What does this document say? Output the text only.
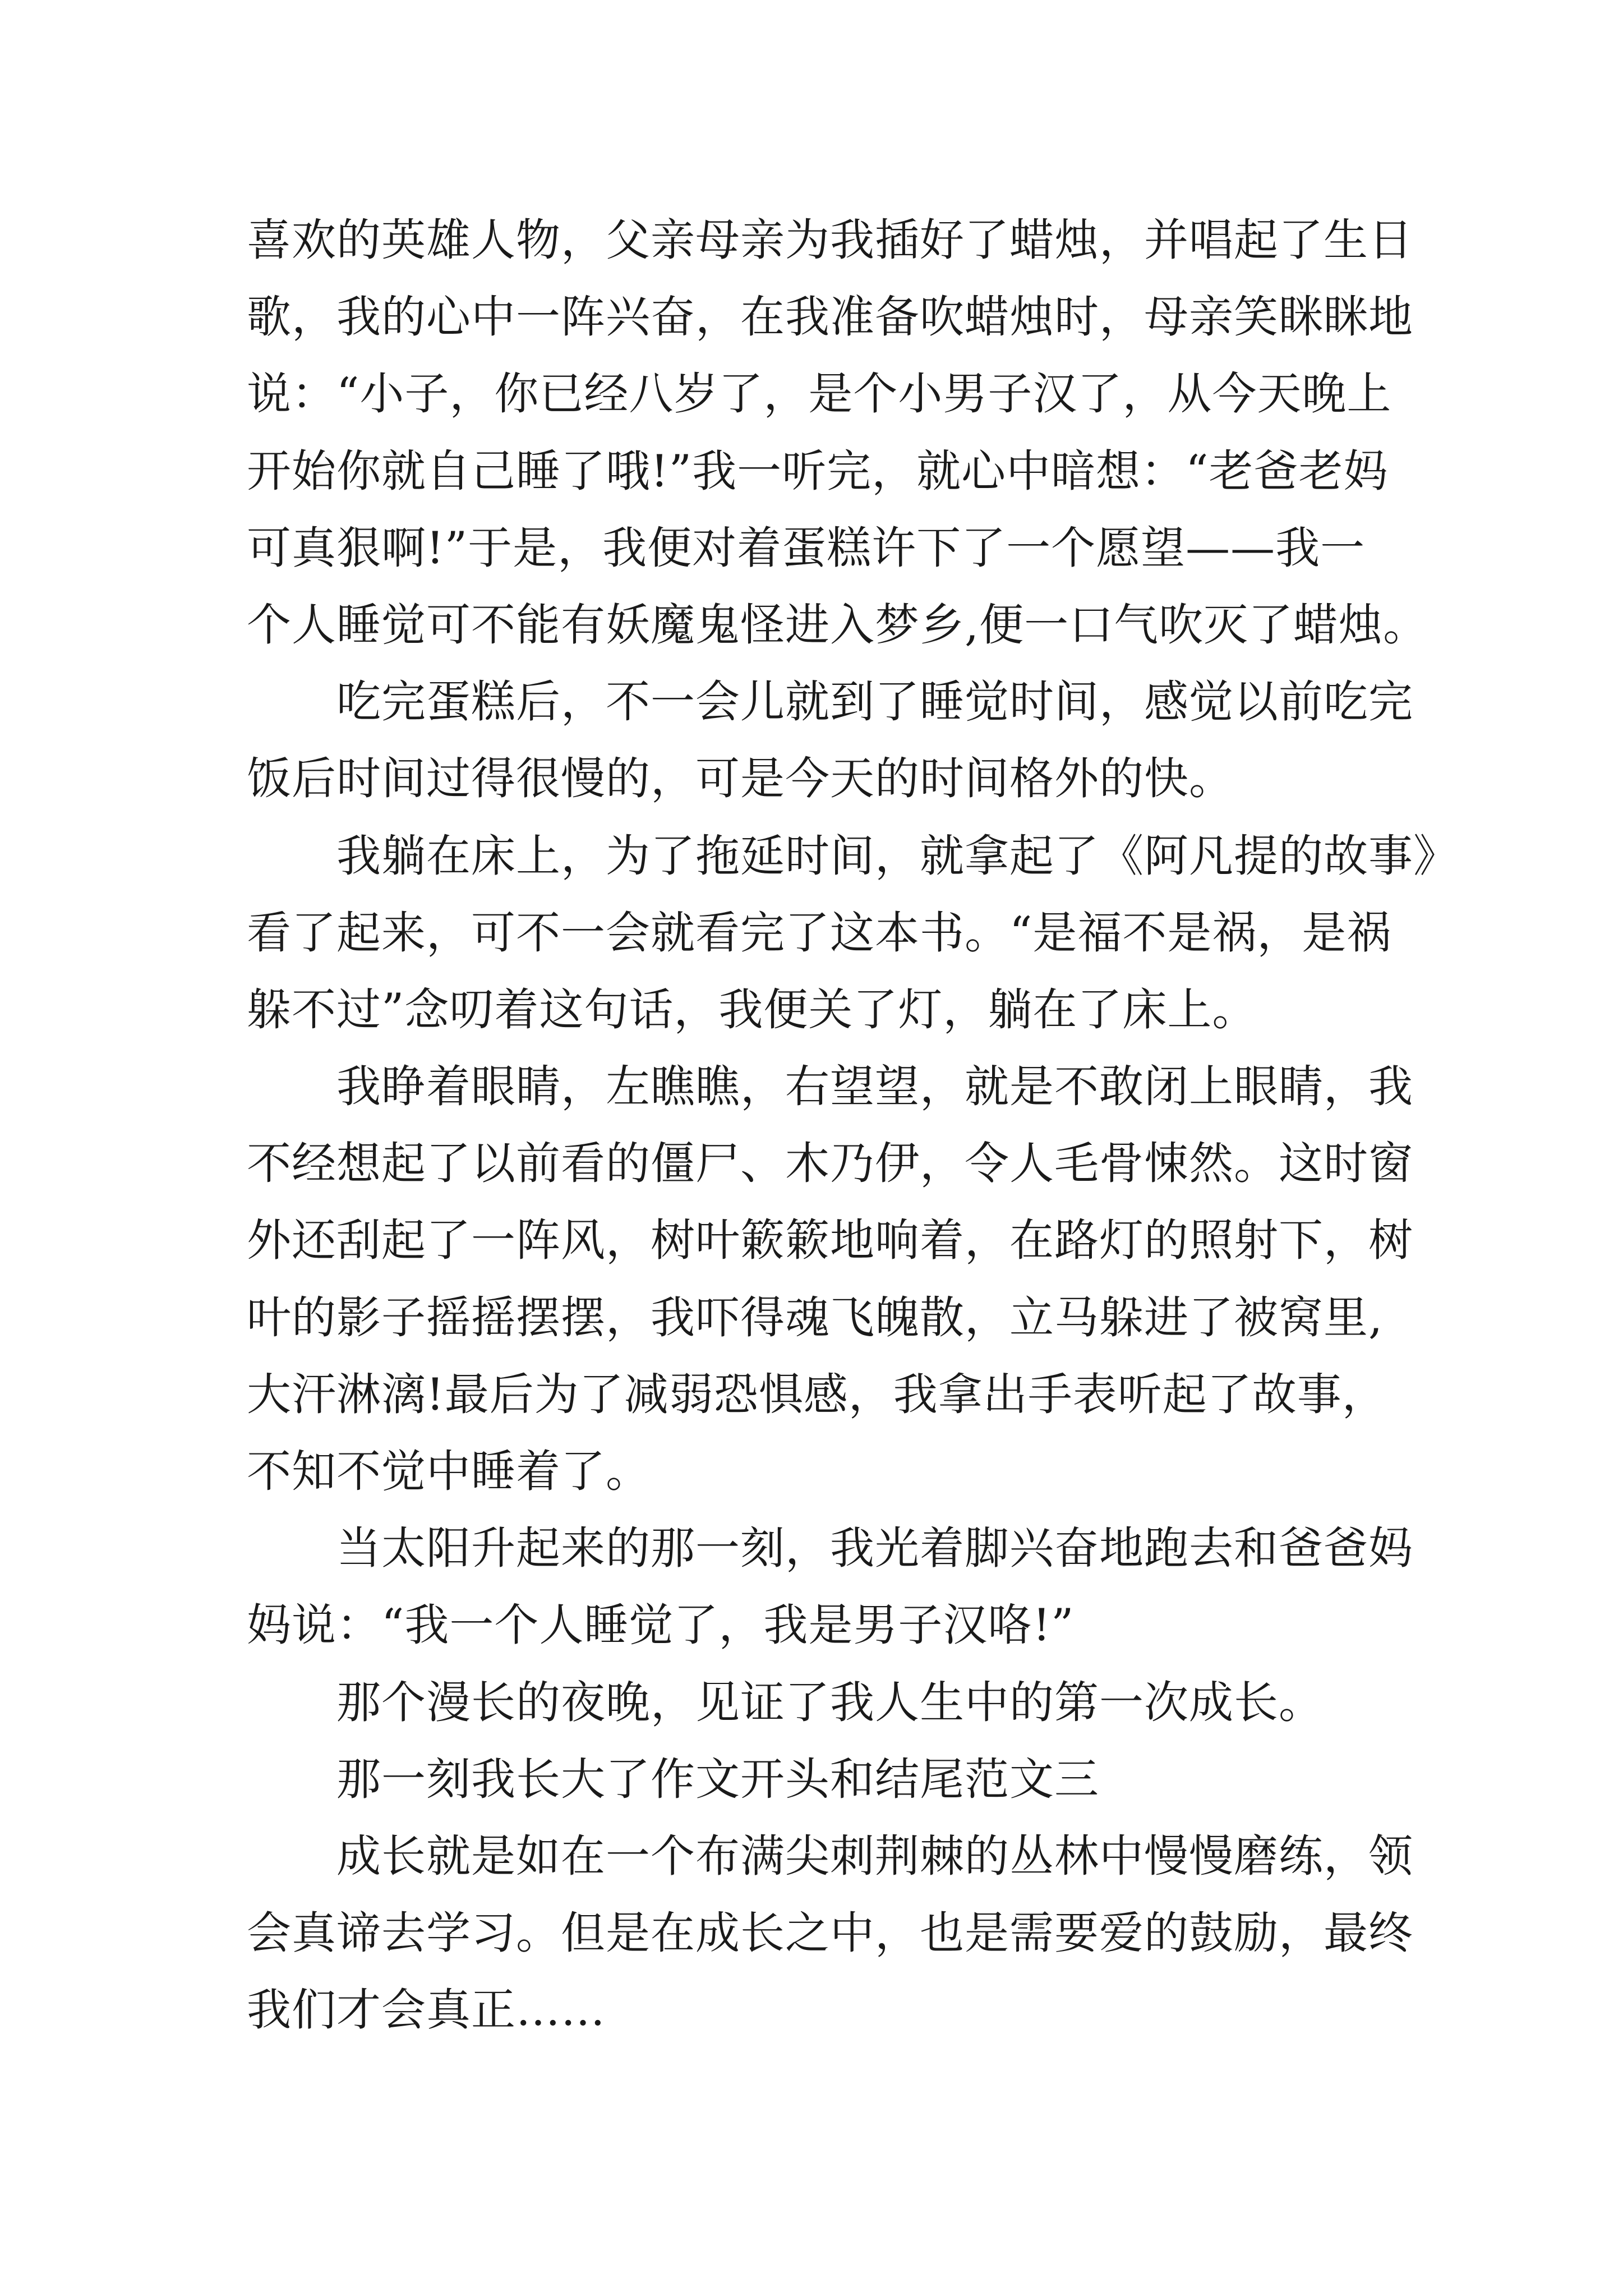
喜欢的英雄人物，父亲母亲为我插好了蜡烛，并唱起了生日
歌，我的心中一阵兴奋，在我准备吹蜡烛时，母亲笑眯眯地
说：“小子，你已经八岁了，是个小男子汉了，从今天晚上
开始你就自己睡了哦!”我一听完，就心中暗想：“老爸老妈
可真狠啊!”于是，我便对着蛋糕许下了一个愿望——我一
个人睡觉可不能有妖魔鬼怪进入梦乡,便一口气吹灭了蜡烛。
吃完蛋糕后，不一会儿就到了睡觉时间，感觉以前吃完
饭后时间过得很慢的，可是今天的时间格外的快。
我躺在床上，为了拖延时间，就拿起了《阿凡提的故事》
看了起来，可不一会就看完了这本书。“是福不是祸，是祸
躲不过”念叨着这句话，我便关了灯，躺在了床上。
我睁着眼睛，左瞧瞧，右望望，就是不敢闭上眼睛，我
不经想起了以前看的僵尸、木乃伊，令人毛骨悚然。这时窗
外还刮起了一阵风，树叶簌簌地响着，在路灯的照射下，树
叶的影子摇摇摆摆，我吓得魂飞魄散，立马躲进了被窝里,
大汗淋漓!最后为了减弱恐惧感，我拿出手表听起了故事，
不知不觉中睡着了。
当太阳升起来的那一刻，我光着脚兴奋地跑去和爸爸妈
妈说：“我一个人睡觉了，我是男子汉咯!”
那个漫长的夜晚，见证了我人生中的第一次成长。
那一刻我长大了作文开头和结尾范文三
成长就是如在一个布满尖刺荆棘的丛林中慢慢磨练，领
会真谛去学习。但是在成长之中，也是需要爱的鼓励，最终
我们才会真正……
